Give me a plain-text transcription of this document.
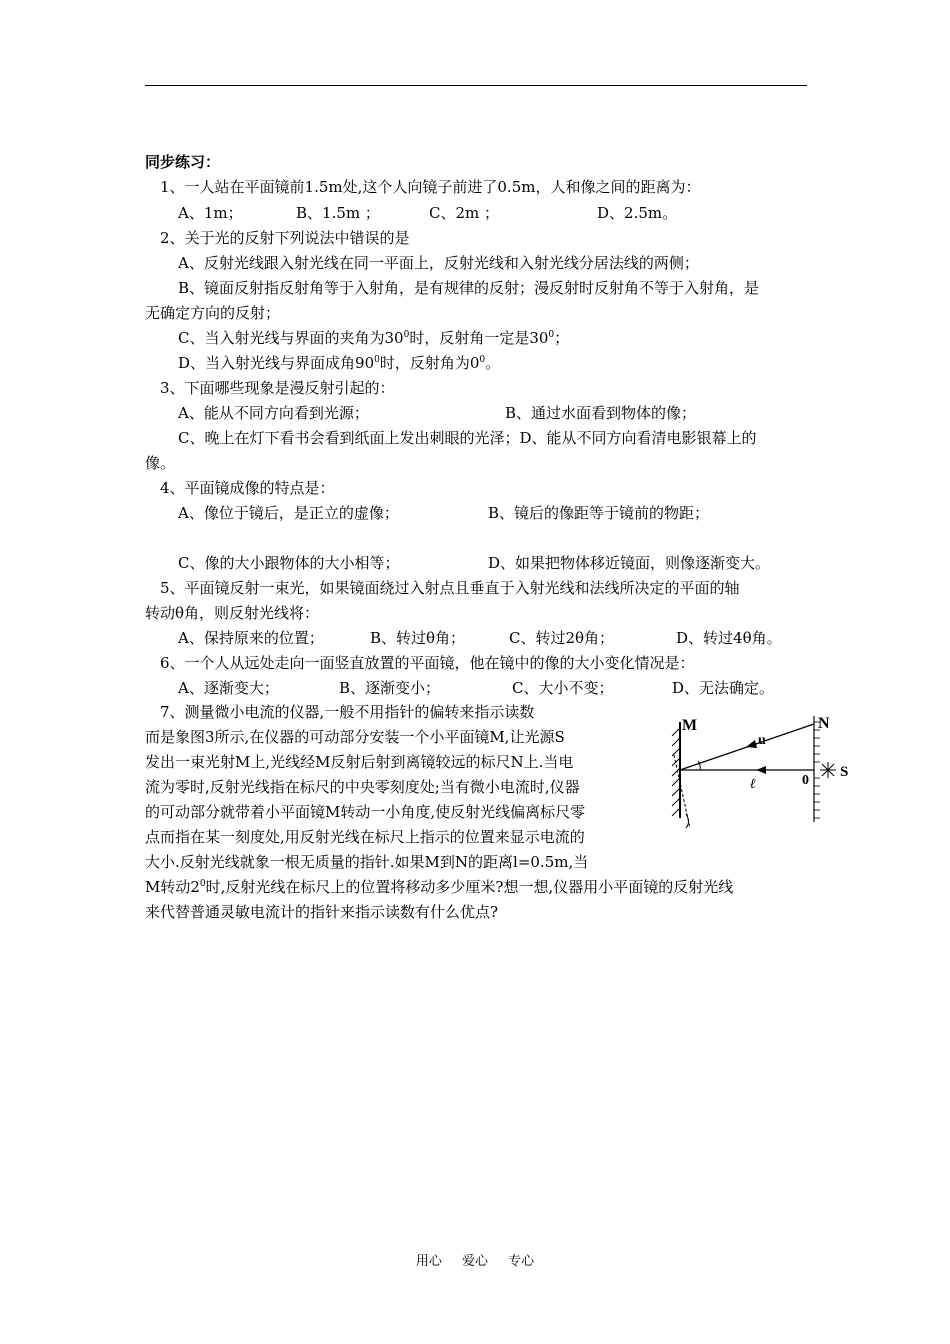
同步练习：
1、一人站在平面镜前1.5m处,这个人向镜子前进了0.5m，人和像之间的距离为：
A、1m；	B、1.5m ；	C、2m ；	D、2.5m。
2、关于光的反射下列说法中错误的是
A、反射光线跟入射光线在同一平面上，反射光线和入射光线分居法线的两侧；
B、镜面反射指反射角等于入射角，是有规律的反射；漫反射时反射角不等于入射角，是
无确定方向的反射；
C、当入射光线与界面的夹角为$30^0$时，反射角一定是$30^0$；
D、当入射光线与界面成角$90^0$时，反射角为$0^0$。
3、下面哪些现象是漫反射引起的：
A、能从不同方向看到光源；	B、通过水面看到物体的像；
C、晚上在灯下看书会看到纸面上发出刺眼的光泽；D、能从不同方向看清电影银幕上的
像。
4、平面镜成像的特点是：
A、像位于镜后，是正立的虚像；	B、镜后的像距等于镜前的物距；
C、像的大小跟物体的大小相等；	D、如果把物体移近镜面，则像逐渐变大。
5、平面镜反射一束光，如果镜面绕过入射点且垂直于入射光线和法线所决定的平面的轴
转动θ角，则反射光线将：
A、保持原来的位置；	B、转过θ角；	C、转过2θ角；	D、转过4θ角。
6、一个人从远处走向一面竖直放置的平面镜，他在镜中的像的大小变化情况是：
A、逐渐变大；	B、逐渐变小；	C、大小不变；	D、无法确定。
7、测量微小电流的仪器,一般不用指针的偏转来指示读数
而是象图3所示,在仪器的可动部分安装一个小平面镜M,让光源S
发出一束光射M上,光线经M反射后射到离镜较远的标尺N上.当电
流为零时,反射光线指在标尺的中央零刻度处;当有微小电流时,仪器
的可动部分就带着小平面镜M转动一小角度,使反射光线偏离标尺零
点而指在某一刻度处,用反射光线在标尺上指示的位置来显示电流的
大小.反射光线就象一根无质量的指针.如果M到N的距离l=0.5m,当
M转动$2^0$时,反射光线在标尺上的位置将移动多少厘米?想一想,仪器用小平面镜的反射光线
来代替普通灵敏电流计的指针来指示读数有什么优点?
M	N
u
ℓ	0
S
用心 爱心 专心
